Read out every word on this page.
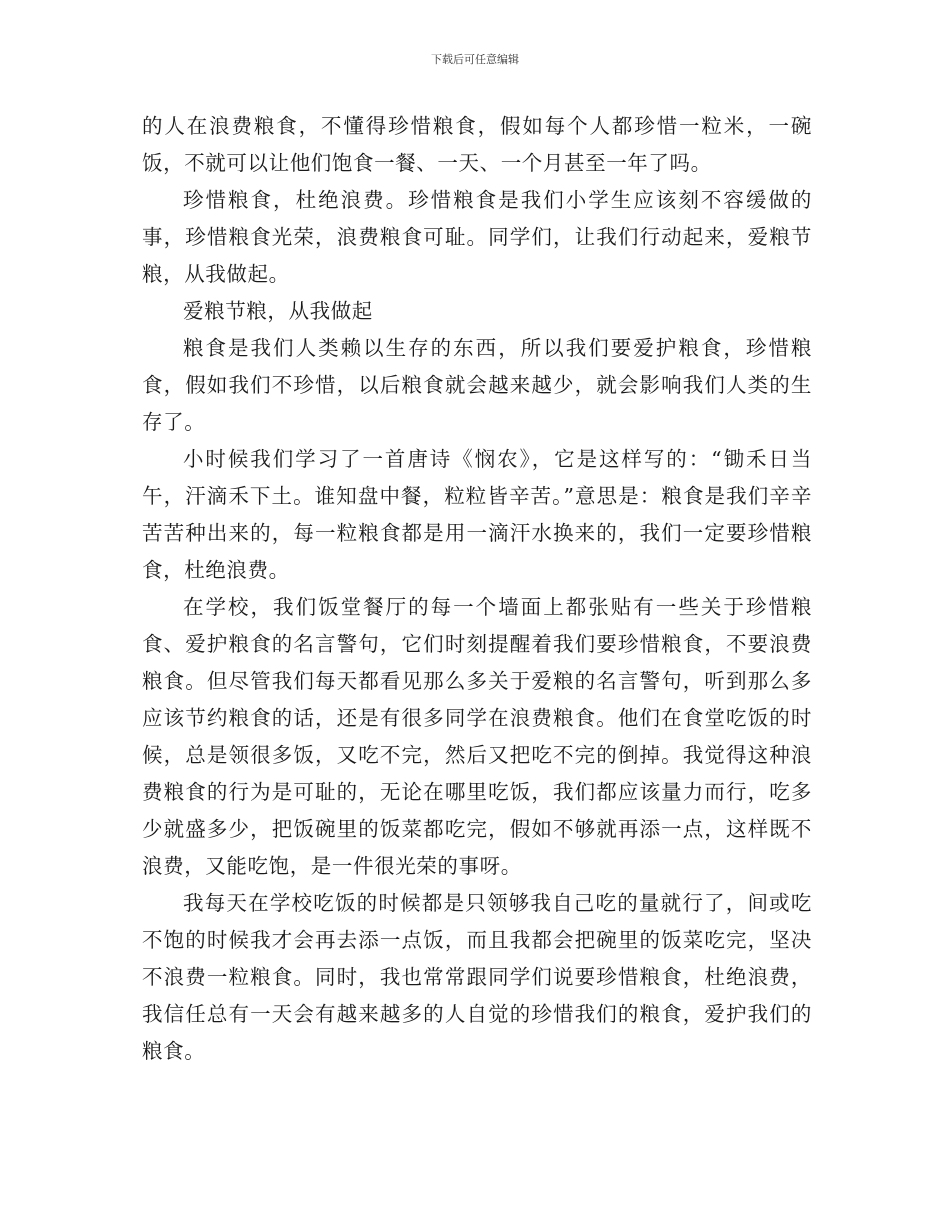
下载后可任意编辑

的人在浪费粮食，不懂得珍惜粮食，假如每个人都珍惜一粒米，一碗饭，不就可以让他们饱食一餐、一天、一个月甚至一年了吗。

珍惜粮食，杜绝浪费。珍惜粮食是我们小学生应该刻不容缓做的事，珍惜粮食光荣，浪费粮食可耻。同学们，让我们行动起来，爱粮节粮，从我做起。

爱粮节粮，从我做起

粮食是我们人类赖以生存的东西，所以我们要爱护粮食，珍惜粮食，假如我们不珍惜，以后粮食就会越来越少，就会影响我们人类的生存了。

小时候我们学习了一首唐诗《悯农》，它是这样写的：“锄禾日当午，汗滴禾下土。谁知盘中餐，粒粒皆辛苦。”意思是：粮食是我们辛辛苦苦种出来的，每一粒粮食都是用一滴汗水换来的，我们一定要珍惜粮食，杜绝浪费。

在学校，我们饭堂餐厅的每一个墙面上都张贴有一些关于珍惜粮食、爱护粮食的名言警句，它们时刻提醒着我们要珍惜粮食，不要浪费粮食。但尽管我们每天都看见那么多关于爱粮的名言警句，听到那么多应该节约粮食的话，还是有很多同学在浪费粮食。他们在食堂吃饭的时候，总是领很多饭，又吃不完，然后又把吃不完的倒掉。我觉得这种浪费粮食的行为是可耻的，无论在哪里吃饭，我们都应该量力而行，吃多少就盛多少，把饭碗里的饭菜都吃完，假如不够就再添一点，这样既不浪费，又能吃饱，是一件很光荣的事呀。

我每天在学校吃饭的时候都是只领够我自己吃的量就行了，间或吃不饱的时候我才会再去添一点饭，而且我都会把碗里的饭菜吃完，坚决不浪费一粒粮食。同时，我也常常跟同学们说要珍惜粮食，杜绝浪费，我信任总有一天会有越来越多的人自觉的珍惜我们的粮食，爱护我们的粮食。
